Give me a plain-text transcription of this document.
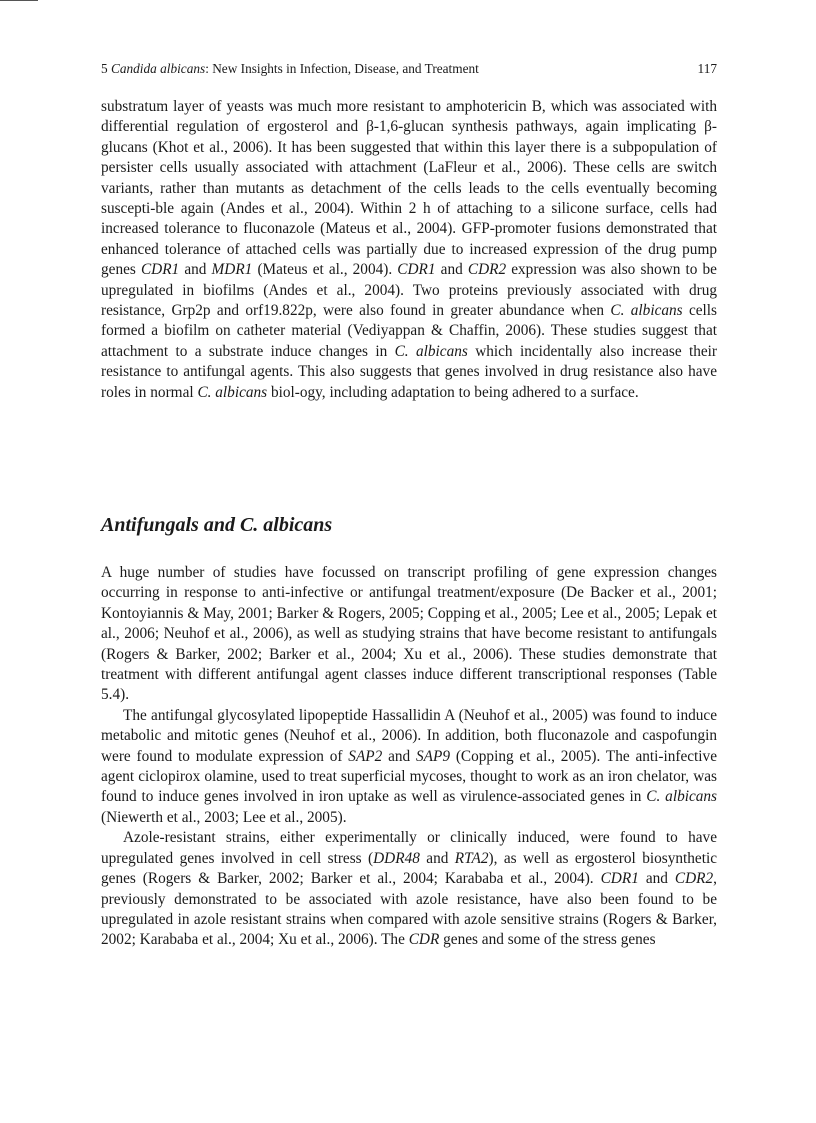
5 Candida albicans: New Insights in Infection, Disease, and Treatment	117

substratum layer of yeasts was much more resistant to amphotericin B, which was associated with differential regulation of ergosterol and β-1,6-glucan synthesis pathways, again implicating β-glucans (Khot et al., 2006). It has been suggested that within this layer there is a subpopulation of persister cells usually associated with attachment (LaFleur et al., 2006). These cells are switch variants, rather than mutants as detachment of the cells leads to the cells eventually becoming suscepti-ble again (Andes et al., 2004). Within 2 h of attaching to a silicone surface, cells had increased tolerance to fluconazole (Mateus et al., 2004). GFP-promoter fusions demonstrated that enhanced tolerance of attached cells was partially due to increased expression of the drug pump genes CDR1 and MDR1 (Mateus et al., 2004). CDR1 and CDR2 expression was also shown to be upregulated in biofilms (Andes et al., 2004). Two proteins previously associated with drug resistance, Grp2p and orf19.822p, were also found in greater abundance when C. albicans cells formed a biofilm on catheter material (Vediyappan & Chaffin, 2006). These studies suggest that attachment to a substrate induce changes in C. albicans which incidentally also increase their resistance to antifungal agents. This also suggests that genes involved in drug resistance also have roles in normal C. albicans biol-ogy, including adaptation to being adhered to a surface.

Antifungals and C. albicans

A huge number of studies have focussed on transcript profiling of gene expression changes occurring in response to anti-infective or antifungal treatment/exposure (De Backer et al., 2001; Kontoyiannis & May, 2001; Barker & Rogers, 2005; Copping et al., 2005; Lee et al., 2005; Lepak et al., 2006; Neuhof et al., 2006), as well as studying strains that have become resistant to antifungals (Rogers & Barker, 2002; Barker et al., 2004; Xu et al., 2006). These studies demonstrate that treatment with different antifungal agent classes induce different transcriptional responses (Table 5.4).

The antifungal glycosylated lipopeptide Hassallidin A (Neuhof et al., 2005) was found to induce metabolic and mitotic genes (Neuhof et al., 2006). In addition, both fluconazole and caspofungin were found to modulate expression of SAP2 and SAP9 (Copping et al., 2005). The anti-infective agent ciclopirox olamine, used to treat superficial mycoses, thought to work as an iron chelator, was found to induce genes involved in iron uptake as well as virulence-associated genes in C. albicans (Niewerth et al., 2003; Lee et al., 2005).

Azole-resistant strains, either experimentally or clinically induced, were found to have upregulated genes involved in cell stress (DDR48 and RTA2), as well as ergosterol biosynthetic genes (Rogers & Barker, 2002; Barker et al., 2004; Karababa et al., 2004). CDR1 and CDR2, previously demonstrated to be associated with azole resistance, have also been found to be upregulated in azole resistant strains when compared with azole sensitive strains (Rogers & Barker, 2002; Karababa et al., 2004; Xu et al., 2006). The CDR genes and some of the stress genes
